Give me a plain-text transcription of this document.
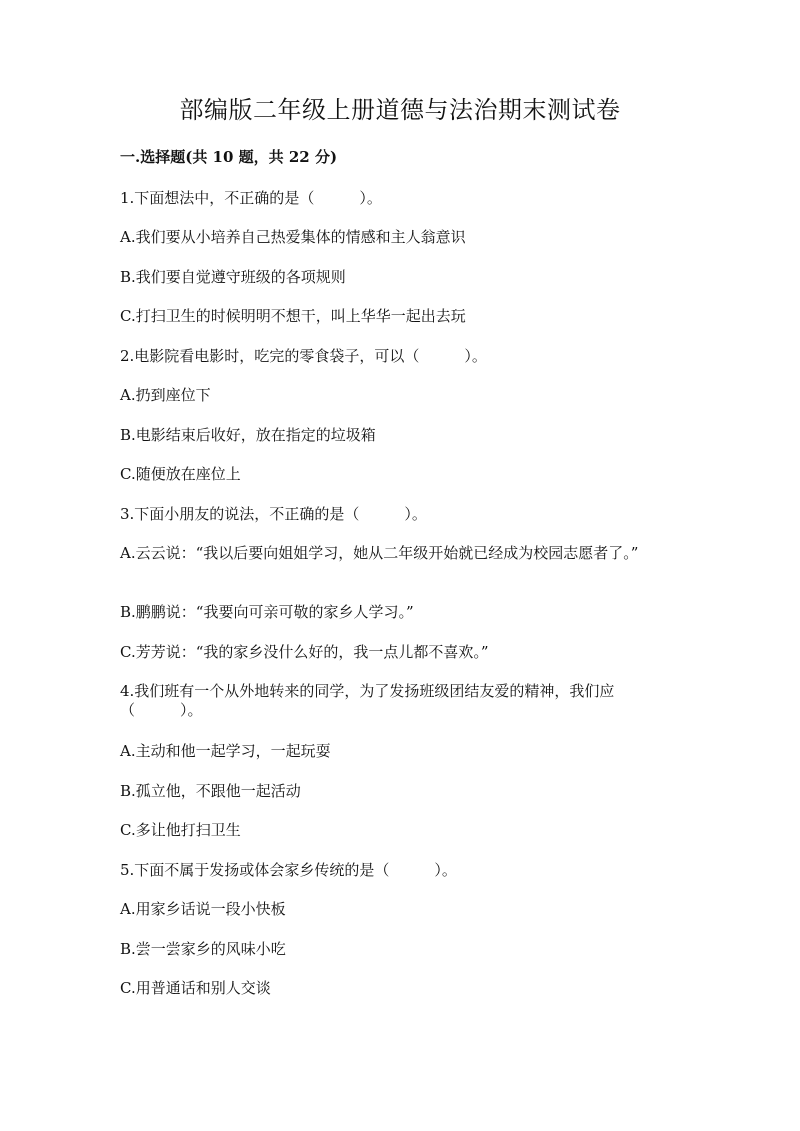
部编版二年级上册道德与法治期末测试卷
一.选择题(共 10 题，共 22 分)
1.下面想法中，不正确的是（　　　）。
A.我们要从小培养自己热爱集体的情感和主人翁意识
B.我们要自觉遵守班级的各项规则
C.打扫卫生的时候明明不想干，叫上华华一起出去玩
2.电影院看电影时，吃完的零食袋子，可以（　　　）。
A.扔到座位下
B.电影结束后收好，放在指定的垃圾箱
C.随便放在座位上
3.下面小朋友的说法，不正确的是（　　　）。
A.云云说：“我以后要向姐姐学习，她从二年级开始就已经成为校园志愿者了。”
B.鹏鹏说：“我要向可亲可敬的家乡人学习。”
C.芳芳说：“我的家乡没什么好的，我一点儿都不喜欢。”
4.我们班有一个从外地转来的同学，为了发扬班级团结友爱的精神，我们应（　　　）。
A.主动和他一起学习，一起玩耍
B.孤立他，不跟他一起活动
C.多让他打扫卫生
5.下面不属于发扬或体会家乡传统的是（　　　）。
A.用家乡话说一段小快板
B.尝一尝家乡的风味小吃
C.用普通话和别人交谈
